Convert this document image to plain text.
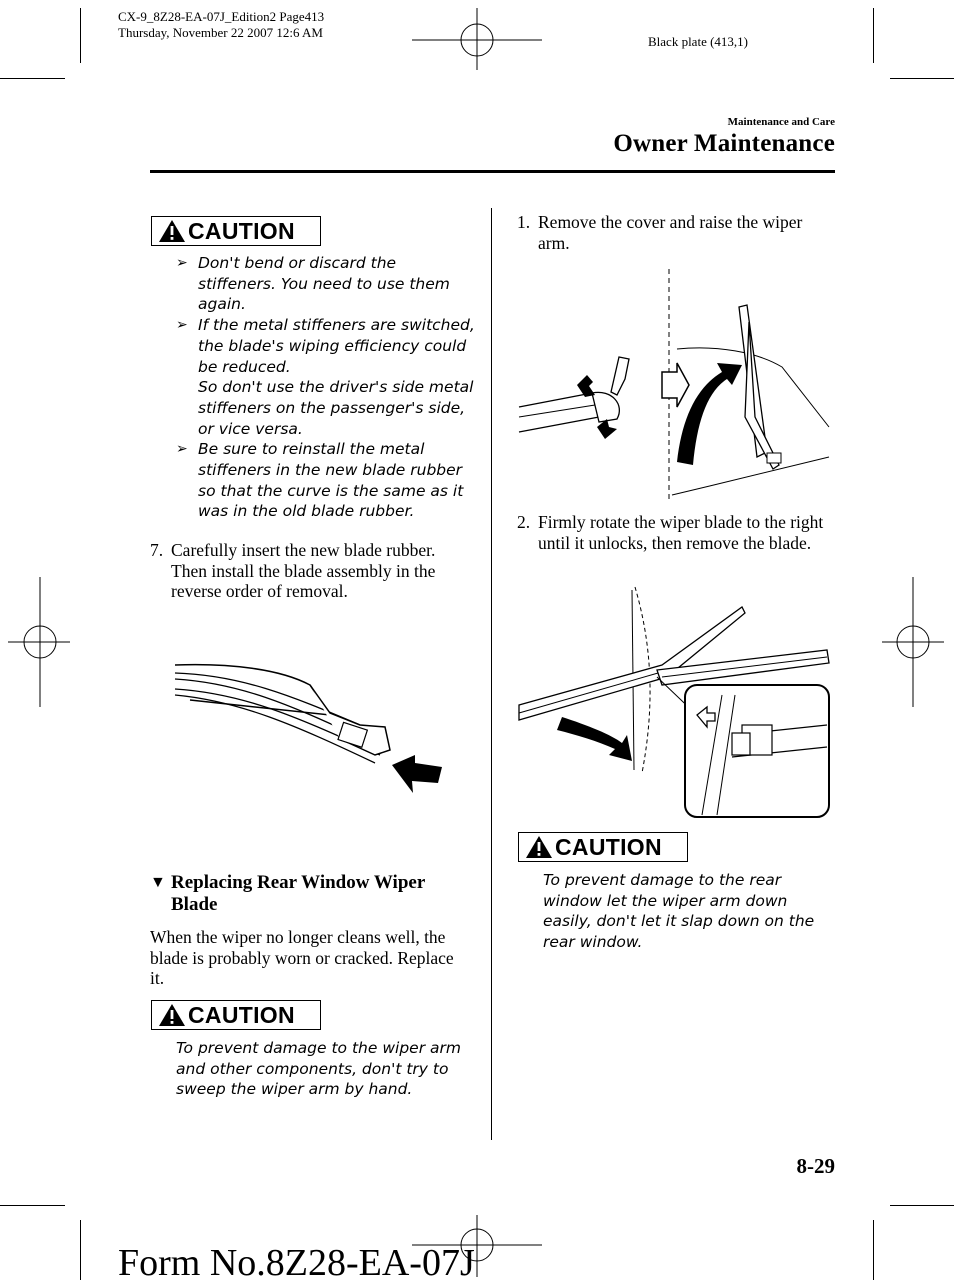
CX-9_8Z28-EA-07J_Edition2 Page413
Thursday, November 22 2007 12:6 AM
Black plate (413,1)
Maintenance and Care
Owner Maintenance
CAUTION
➢ Don't bend or discard the stiffeners. You need to use them again.
➢ If the metal stiffeners are switched, the blade's wiping efficiency could be reduced.
So don't use the driver's side metal stiffeners on the passenger's side, or vice versa.
➢ Be sure to reinstall the metal stiffeners in the new blade rubber so that the curve is the same as it was in the old blade rubber.
7. Carefully insert the new blade rubber. Then install the blade assembly in the reverse order of removal.
▼ Replacing Rear Window Wiper Blade
When the wiper no longer cleans well, the blade is probably worn or cracked. Replace it.
CAUTION
To prevent damage to the wiper arm and other components, don't try to sweep the wiper arm by hand.
1. Remove the cover and raise the wiper arm.
2. Firmly rotate the wiper blade to the right until it unlocks, then remove the blade.
CAUTION
To prevent damage to the rear window let the wiper arm down easily, don't let it slap down on the rear window.
8-29
Form No.8Z28-EA-07J
